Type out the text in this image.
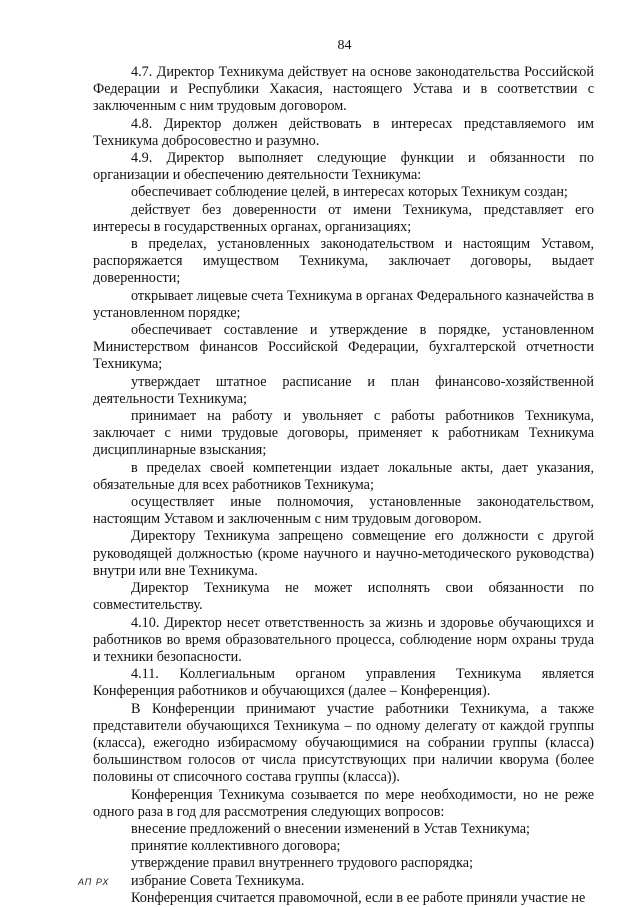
84

4.7. Директор Техникума действует на основе законодательства Российской Федерации и Республики Хакасия, настоящего Устава и в соответствии с заключенным с ним трудовым договором.

4.8. Директор должен действовать в интересах представляемого им Техникума добросовестно и разумно.

4.9. Директор выполняет следующие функции и обязанности по организации и обеспечению деятельности Техникума:

обеспечивает соблюдение целей, в интересах которых Техникум создан;

действует без доверенности от имени Техникума, представляет его интересы в государственных органах, организациях;

в пределах, установленных законодательством и настоящим Уставом, распоряжается имуществом Техникума, заключает договоры, выдает доверенности;

открывает лицевые счета Техникума в органах Федерального казначейства в установленном порядке;

обеспечивает составление и утверждение в порядке, установленном Министерством финансов Российской Федерации, бухгалтерской отчетности Техникума;

утверждает штатное расписание и план финансово-хозяйственной деятельности Техникума;

принимает на работу и увольняет с работы работников Техникума, заключает с ними трудовые договоры, применяет к работникам Техникума дисциплинарные взыскания;

в пределах своей компетенции издает локальные акты, дает указания, обязательные для всех работников Техникума;

осуществляет иные полномочия, установленные законодательством, настоящим Уставом и заключенным с ним трудовым договором.

Директору Техникума запрещено совмещение его должности с другой руководящей должностью (кроме научного и научно-методического руководства) внутри или вне Техникума.

Директор Техникума не может исполнять свои обязанности по совместительству.

4.10. Директор несет ответственность за жизнь и здоровье обучающихся и работников во время образовательного процесса, соблюдение норм охраны труда и техники безопасности.

4.11. Коллегиальным органом управления Техникума является Конференция работников и обучающихся (далее – Конференция).

В Конференции принимают участие работники Техникума, а также представители обучающихся Техникума – по одному делегату от каждой группы (класса), ежегодно избирасмому обучающимися на собрании группы (класса) большинством голосов от числа присутствующих при наличии кворума (более половины от списочного состава группы (класса)).

Конференция Техникума созывается по мере необходимости, но не реже одного раза в год для рассмотрения следующих вопросов:

внесение предложений о внесении изменений в Устав Техникума;

принятие коллективного договора;

утверждение правил внутреннего трудового распорядка;

избрание Совета Техникума.

Конференция считается правомочной, если в ее работе приняли участие не

АП РХ
